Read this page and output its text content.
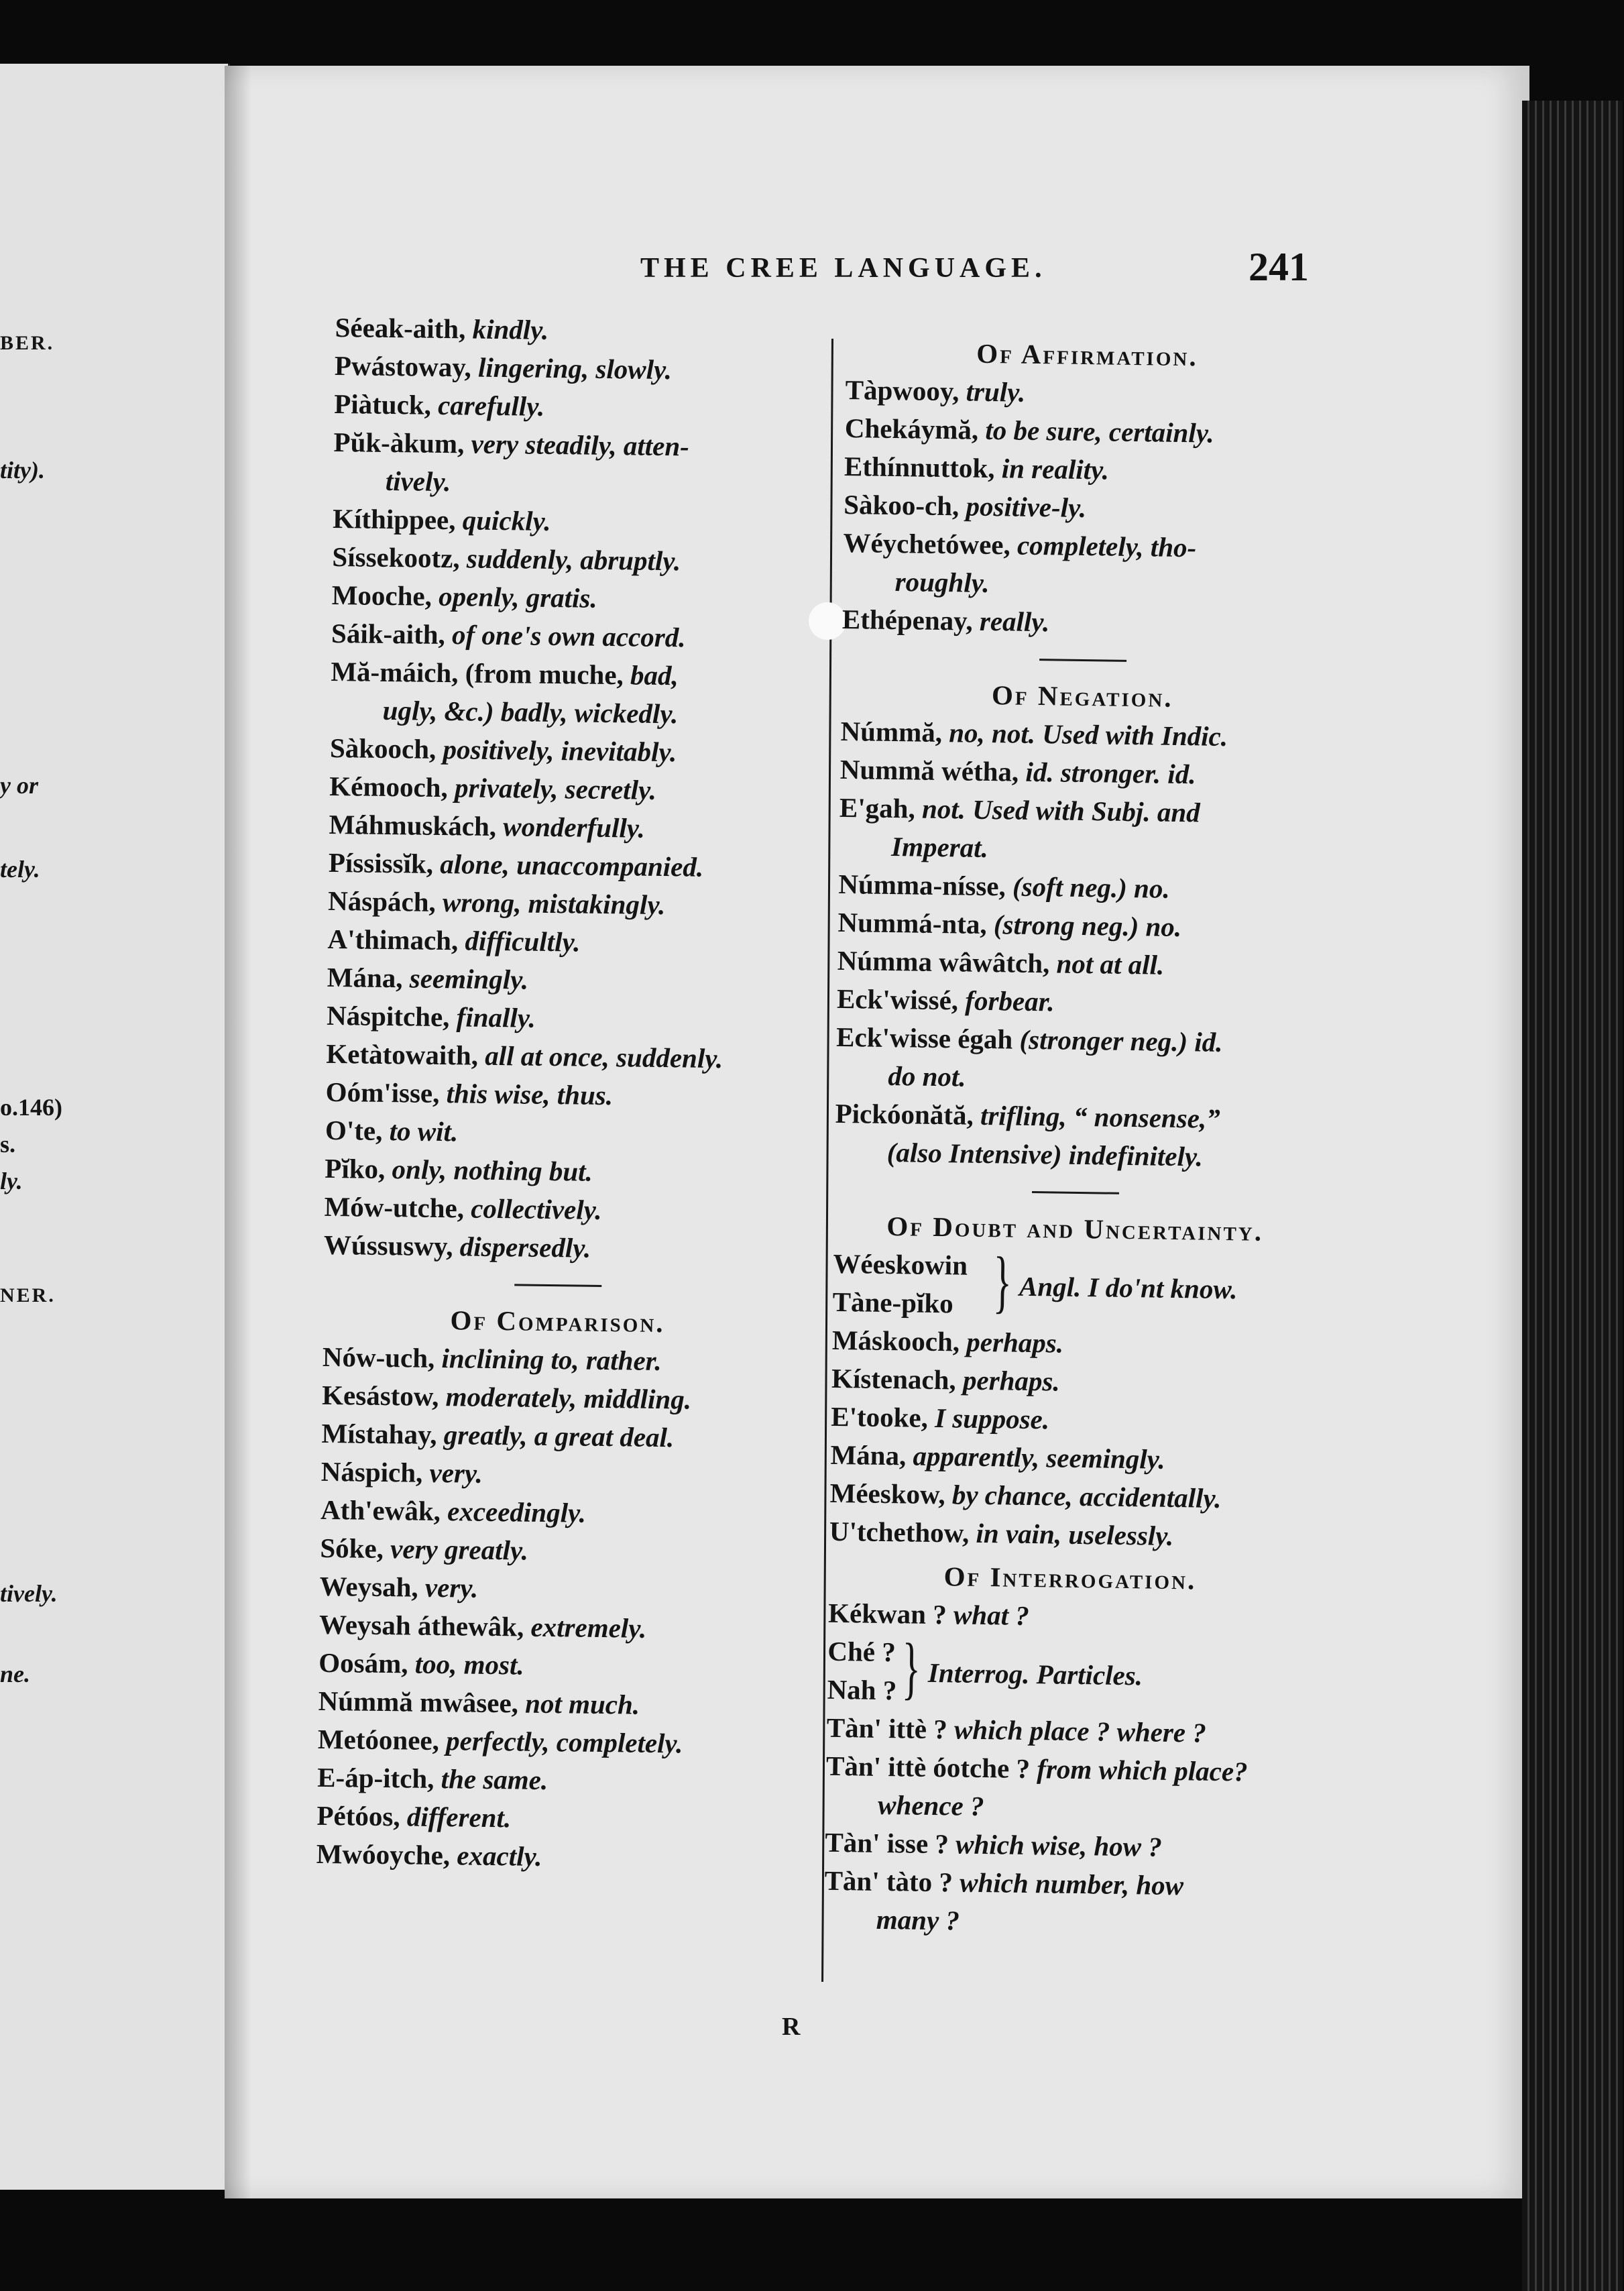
BER.
tity).
y or
tely.
o.146)
s.
ly.
NER.
tively.
ne.
THE CREE LANGUAGE.	241
Séeak-aith, kindly.
Pwástoway, lingering, slowly.
Piàtuck, carefully.
Pŭk-àkum, very steadily, atten-
tively.
Kíthippee, quickly.
Síssekootz, suddenly, abruptly.
Mooche, openly, gratis.
Sáik-aith, of one's own accord.
Mă-máich, (from muche, bad,
ugly, &c.) badly, wickedly.
Sàkooch, positively, inevitably.
Kémooch, privately, secretly.
Máhmuskách, wonderfully.
Píssissĭk, alone, unaccompanied.
Náspách, wrong, mistakingly.
A'thimach, difficultly.
Mána, seemingly.
Náspitche, finally.
Ketàtowaith, all at once, suddenly.
Oóm'isse, this wise, thus.
O'te, to wit.
Pĭko, only, nothing but.
Mów-utche, collectively.
Wússuswy, dispersedly.
Of Comparison.
Nów-uch, inclining to, rather.
Kesástow, moderately, middling.
Místahay, greatly, a great deal.
Náspich, very.
Ath'ewâk, exceedingly.
Sóke, very greatly.
Weysah, very.
Weysah áthewâk, extremely.
Oosám, too, most.
Númmă mwâsee, not much.
Metóonee, perfectly, completely.
E-áp-itch, the same.
Pétóos, different.
Mwóoyche, exactly.
Of Affirmation.
Tàpwooy, truly.
Chekáymă, to be sure, certainly.
Ethínnuttok, in reality.
Sàkoo-ch, positive-ly.
Wéychetówee, completely, tho-
roughly.
Ethépenay, really.
Of Negation.
Númmă, no, not. Used with Indic.
Nummă wétha, id. stronger. id.
E'gah, not. Used with Subj. and
Imperat.
Númma-nísse, (soft neg.) no.
Nummá-nta, (strong neg.) no.
Númma wâwâtch, not at all.
Eck'wissé, forbear.
Eck'wisse égah (stronger neg.) id.
do not.
Pickóonătă, trifling, “ nonsense,”
(also Intensive) indefinitely.
Of Doubt and Uncertainty.
Wéeskowin
Tàne-pĭko } Angl. I do'nt know.
Máskooch, perhaps.
Kístenach, perhaps.
E'tooke, I suppose.
Mána, apparently, seemingly.
Méeskow, by chance, accidentally.
U'tchethow, in vain, uselessly.
Of Interrogation.
Kékwan ? what ?
Ché ?
Nah ? } Interrog. Particles.
Tàn' ittè ? which place ? where ?
Tàn' ittè óotche ? from which place?
whence ?
Tàn' isse ? which wise, how ?
Tàn' tàto ? which number, how
many ?
R
